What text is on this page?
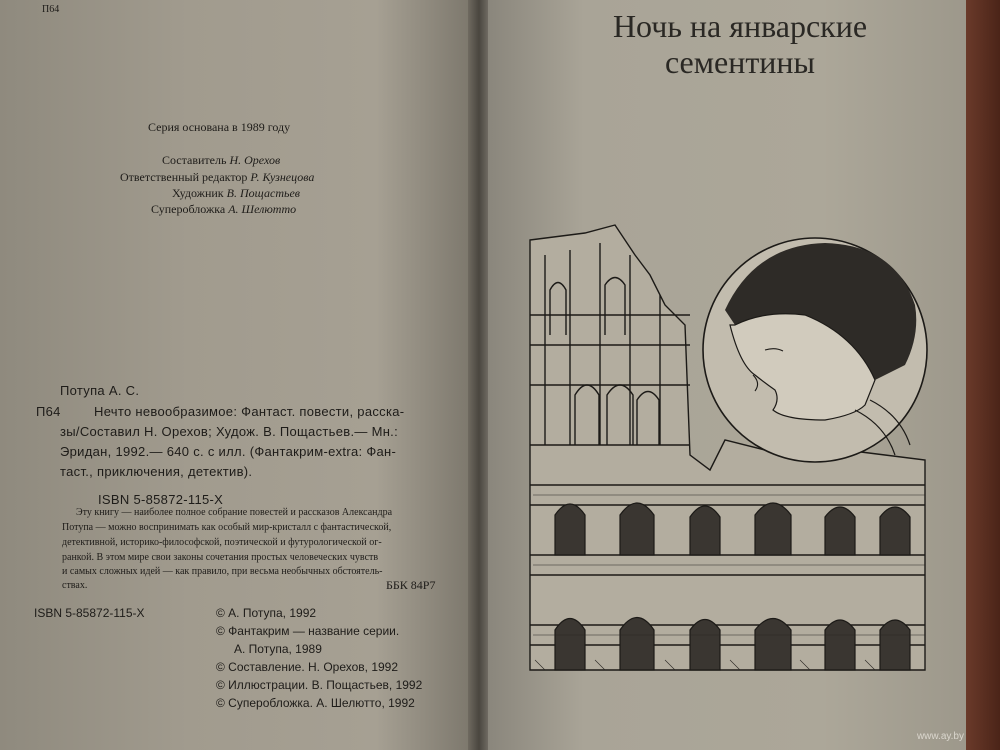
П64
Серия основана в 1989 году
Составитель Н. Орехов
Ответственный редактор Р. Кузнецова
Художник В. Пощастьев
Суперобложка А. Шелютто
Потупа А. С.
П64	Нечто невообразимое: Фантаст. повести, расска-
зы/Составил Н. Орехов; Худож. В. Пощастьев.— Мн.:
Эридан, 1992.— 640 с. с илл. (Фантакрим-extra: Фан-
таст., приключения, детектив).
ISBN 5-85872-115-X
Эту книгу — наиболее полное собрание повестей и рассказов Александра
Потупа — можно воспринимать как особый мир-кристалл с фантастической,
детективной, историко-философской, поэтической и футурологической ог-
ранкой. В этом мире свои законы сочетания простых человеческих чувств
и самых сложных идей — как правило, при весьма необычных обстоятель-
ствах.	ББК 84Р7
ISBN 5-85872-115-X	© А. Потупа, 1992
© Фантакрим — название серии.
А. Потупа, 1989
© Составление. Н. Орехов, 1992
© Иллюстрации. В. Пощастьев, 1992
© Суперобложка. А. Шелютто, 1992
Ночь на январские
сементины
www.ay.by
